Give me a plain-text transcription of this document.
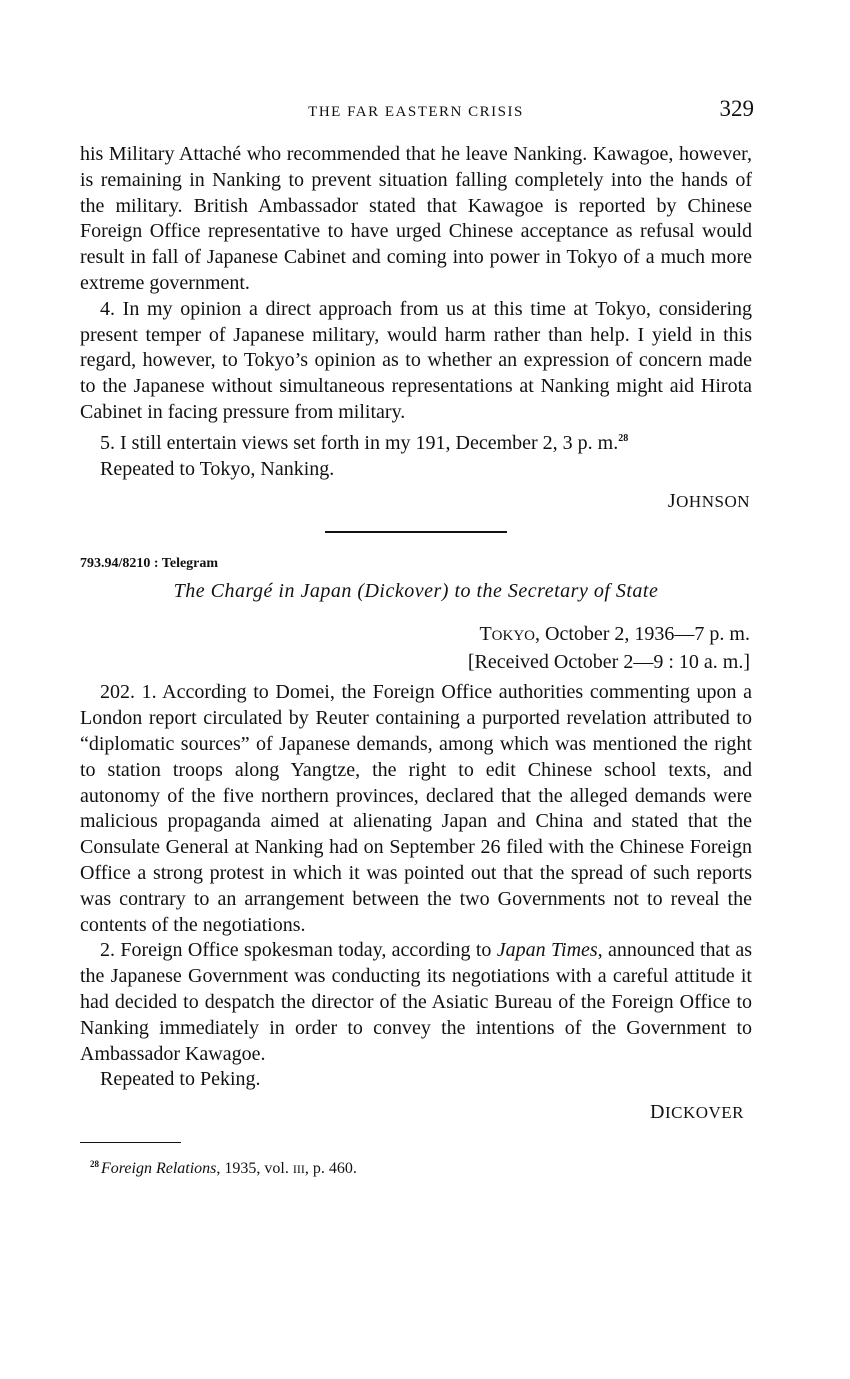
THE FAR EASTERN CRISIS	329

his Military Attaché who recommended that he leave Nanking. Kawagoe, however, is remaining in Nanking to prevent situation falling completely into the hands of the military. British Ambassador stated that Kawagoe is reported by Chinese Foreign Office representative to have urged Chinese acceptance as refusal would result in fall of Japanese Cabinet and coming into power in Tokyo of a much more extreme government.

4. In my opinion a direct approach from us at this time at Tokyo, considering present temper of Japanese military, would harm rather than help. I yield in this regard, however, to Tokyo’s opinion as to whether an expression of concern made to the Japanese without simultaneous representations at Nanking might aid Hirota Cabinet in facing pressure from military.

5. I still entertain views set forth in my 191, December 2, 3 p. m.$^{28}$

Repeated to Tokyo, Nanking.

JOHNSON
793.94/8210 : Telegram
The Chargé in Japan (Dickover) to the Secretary of State
TOKYO, October 2, 1936—7 p. m.
[Received October 2—9 : 10 a. m.]

202. 1. According to Domei, the Foreign Office authorities commenting upon a London report circulated by Reuter containing a purported revelation attributed to “diplomatic sources” of Japanese demands, among which was mentioned the right to station troops along Yangtze, the right to edit Chinese school texts, and autonomy of the five northern provinces, declared that the alleged demands were malicious propaganda aimed at alienating Japan and China and stated that the Consulate General at Nanking had on September 26 filed with the Chinese Foreign Office a strong protest in which it was pointed out that the spread of such reports was contrary to an arrangement between the two Governments not to reveal the contents of the negotiations.

2. Foreign Office spokesman today, according to Japan Times, announced that as the Japanese Government was conducting its negotiations with a careful attitude it had decided to despatch the director of the Asiatic Bureau of the Foreign Office to Nanking immediately in order to convey the intentions of the Government to Ambassador Kawagoe.

Repeated to Peking.

DICKOVER
$^{28}$ Foreign Relations, 1935, vol. III, p. 460.
